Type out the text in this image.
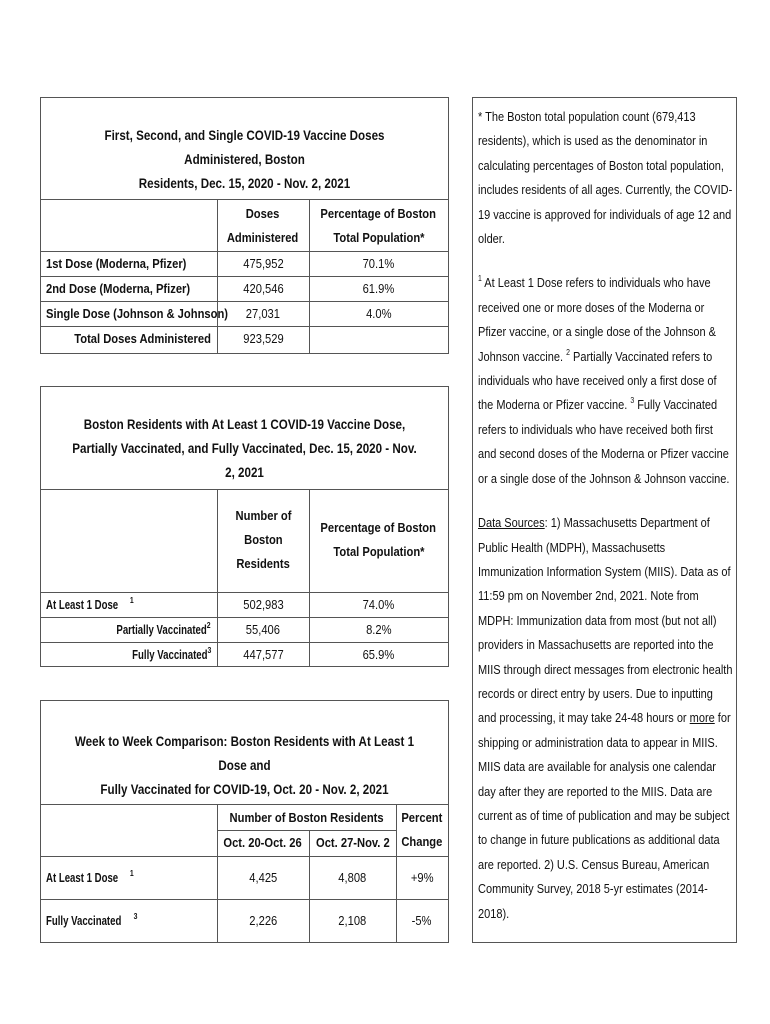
First, Second, and Single COVID-19 Vaccine Doses Administered, Boston
Residents, Dec. 15, 2020 - Nov. 2, 2021
Doses
Administered
Percentage of Boston
Total Population*
1st Dose (Moderna, Pfizer)	475,952	70.1%
2nd Dose (Moderna, Pfizer)	420,546	61.9%
Single Dose (Johnson & Johnson)	27,031	4.0%
Total Doses Administered	923,529
Boston Residents with At Least 1 COVID-19 Vaccine Dose,
Partially Vaccinated, and Fully Vaccinated, Dec. 15, 2020 - Nov. 2, 2021
Number of
Boston
Residents
Percentage of Boston
Total Population*
At Least 1 Dose $^1$	502,983	74.0%
Partially Vaccinated$^2$	55,406	8.2%
Fully Vaccinated$^3$	447,577	65.9%
Week to Week Comparison: Boston Residents with At Least 1 Dose and
Fully Vaccinated for COVID-19, Oct. 20 - Nov. 2, 2021
Number of Boston Residents
Oct. 20-Oct. 26	Oct. 27-Nov. 2
Percent
Change
At Least 1 Dose $^1$	4,425	4,808	+9%
Fully Vaccinated $^3$	2,226	2,108	-5%

* The Boston total population count (679,413 residents), which is used as the denominator in calculating percentages of Boston total population, includes residents of all ages. Currently, the COVID-19 vaccine is approved for individuals of age 12 and older.

$^1$ At Least 1 Dose refers to individuals who have received one or more doses of the Moderna or Pfizer vaccine, or a single dose of the Johnson & Johnson vaccine. $^2$ Partially Vaccinated refers to individuals who have received only a first dose of the Moderna or Pfizer vaccine. $^3$ Fully Vaccinated refers to individuals who have received both first and second doses of the Moderna or Pfizer vaccine or a single dose of the Johnson & Johnson vaccine.

Data Sources: 1) Massachusetts Department of Public Health (MDPH), Massachusetts Immunization Information System (MIIS). Data as of 11:59 pm on November 2nd, 2021. Note from MDPH: Immunization data from most (but not all) providers in Massachusetts are reported into the MIIS through direct messages from electronic health records or direct entry by users. Due to inputting and processing, it may take 24-48 hours or more for shipping or administration data to appear in MIIS. MIIS data are available for analysis one calendar day after they are reported to the MIIS. Data are current as of time of publication and may be subject to change in future publications as additional data are reported. 2) U.S. Census Bureau, American Community Survey, 2018 5-yr estimates (2014-2018).
